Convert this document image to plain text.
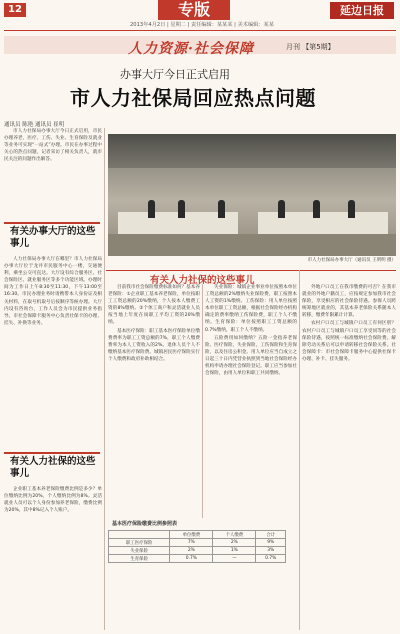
12	专版	延边日报
2013年4月2日 | 星期二 | 责任编辑：某某某 | 美术编辑：某某
人力资源·社会保障	月刊 【第5期】
办事大厅今日正式启用
市人力社保局回应热点问题
通讯员 陈艳 通讯员 崔明

市人力社保局办事大厅今日正式启用，市民办理养老、医疗、工伤、失业、生育保险及就业等业务可实现“一站式”办理。市民在办事过程中关心的热点问题，记者采访了相关负责人，就市民关注的问题作出解答。

市人力社保局办事大厅（通讯员 王明明 摄）
有关办事大厅的这些事儿

人力社保局办事大厅在哪里？市人力社保局办事大厅位于龙井市民服务中心一楼，交通便利，乘坐公交可直达。大厅设有综合服务区、社会保险区、就业服务区等多个功能区域。办理时间为工作日上午8:30至11:30，下午13:00至16:30。市民办理业务时请携带本人身份证及相关材料，在取号机取号后按顺序等候办理。大厅内设有咨询台，工作人员会为市民提供业务指导。市社会保障卡服务中心负责社保卡的办理、挂失、补换等业务。

有关人力社保的这些事儿

企业职工基本养老保险缴费比例是多少？单位缴纳比例为20%，个人缴纳比例为8%。灵活就业人员可以个人身份参加养老保险，缴费比例为20%，其中8%记入个人账户。

有关人力社保的这些事儿

目前我市社会保险缴费标准如何？基本养老保险：①企业职工基本养老保险，单位按职工工资总额的20%缴纳，个人按本人缴费工资的8%缴纳。②个体工商户和灵活就业人员按当地上年度在岗职工平均工资的20%缴纳。

基本医疗保险：职工基本医疗保险单位缴费费率为职工工资总额的7%，职工个人缴费费率为本人工资收入的2%。退休人员个人不缴纳基本医疗保险费。城镇居民医疗保险实行个人缴费和政府补助相结合。

失业保险：城镇企业事业单位按照本单位工资总额的2%缴纳失业保险费，职工按照本人工资的1%缴纳。工伤保险：用人单位按照本单位职工工资总额，根据社会保险经办机构确定的费率缴纳工伤保险费，职工个人不缴纳。生育保险：单位按照职工工资总额的0.7%缴纳，职工个人不缴纳。

五险费用如何缴纳？五险一金指养老保险、医疗保险、失业保险、工伤保险和生育保险，以及住房公积金。用人单位应当自成立之日起三十日内凭营业执照到当地社会保险经办机构申请办理社会保险登记。职工应当参加社会保险，由用人单位和职工共同缴纳。

外地户口员工在我市缴费的可否？在我市就业的外地户籍员工，应按规定参加我市社会保险，享受相应的社会保险待遇。参保人员跨统筹地区就业的，其基本养老保险关系随本人转移，缴费年限累计计算。

农村户口员工与城镇户口员工有何区别？农村户口员工与城镇户口员工享受同等的社会保险待遇，按照统一标准缴纳社会保险费。解除劳动关系后可以申请转移社会保险关系。社会保障卡：市社会保障卡服务中心提供社保卡办理、补卡、挂失服务。

基本医疗保险缴费比例参照表
	单位缴费	个人缴费	合计
职工医疗保险	7%	2%	9%
失业保险	2%	1%	3%
生育保险	0.7%	—	0.7%
